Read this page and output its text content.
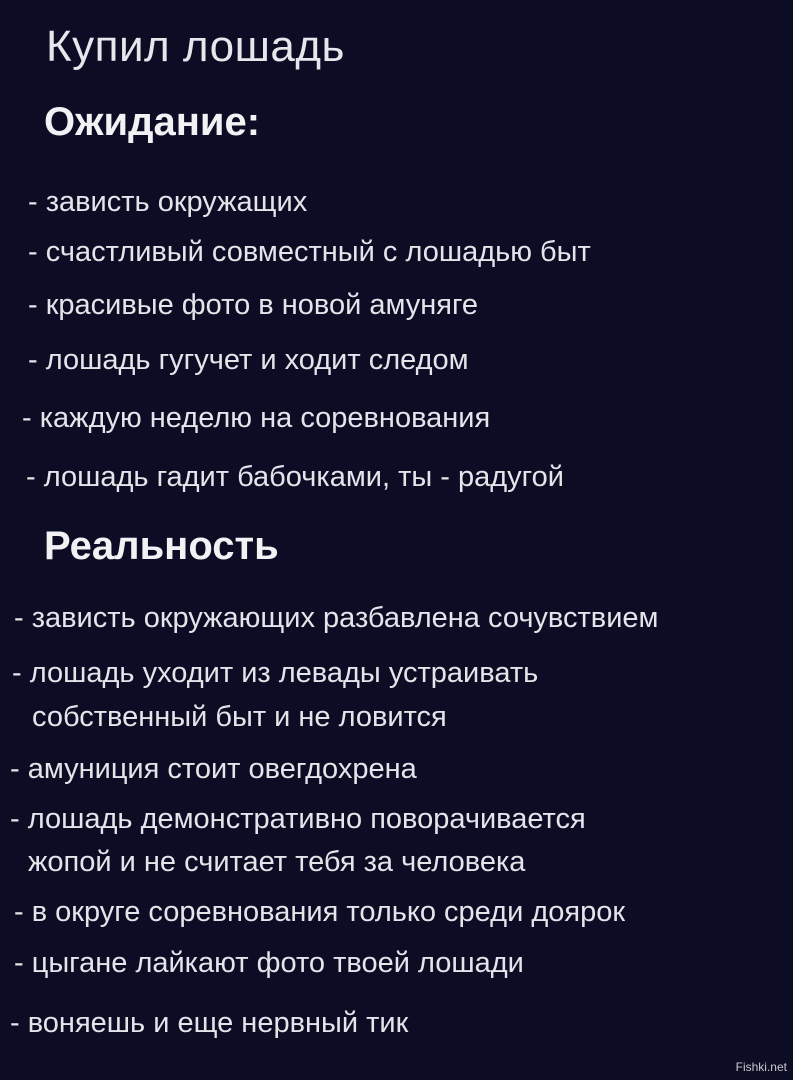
Купил лошадь
Ожидание:
- зависть окружащих
- счастливый совместный с лошадью быт
- красивые фото в новой амуняге
- лошадь гугучет и ходит следом
- каждую неделю на соревнования
- лошадь гадит бабочками, ты - радугой
Реальность
- зависть окружающих разбавлена сочувствием
- лошадь уходит из левады устраивать
собственный быт и не ловится
- амуниция стоит овегдохрена
- лошадь демонстративно поворачивается
жопой и не считает тебя за человека
- в округе соревнования только среди доярок
- цыгане лайкают фото твоей лошади
- воняешь и еще нервный тик
Fishki.net
